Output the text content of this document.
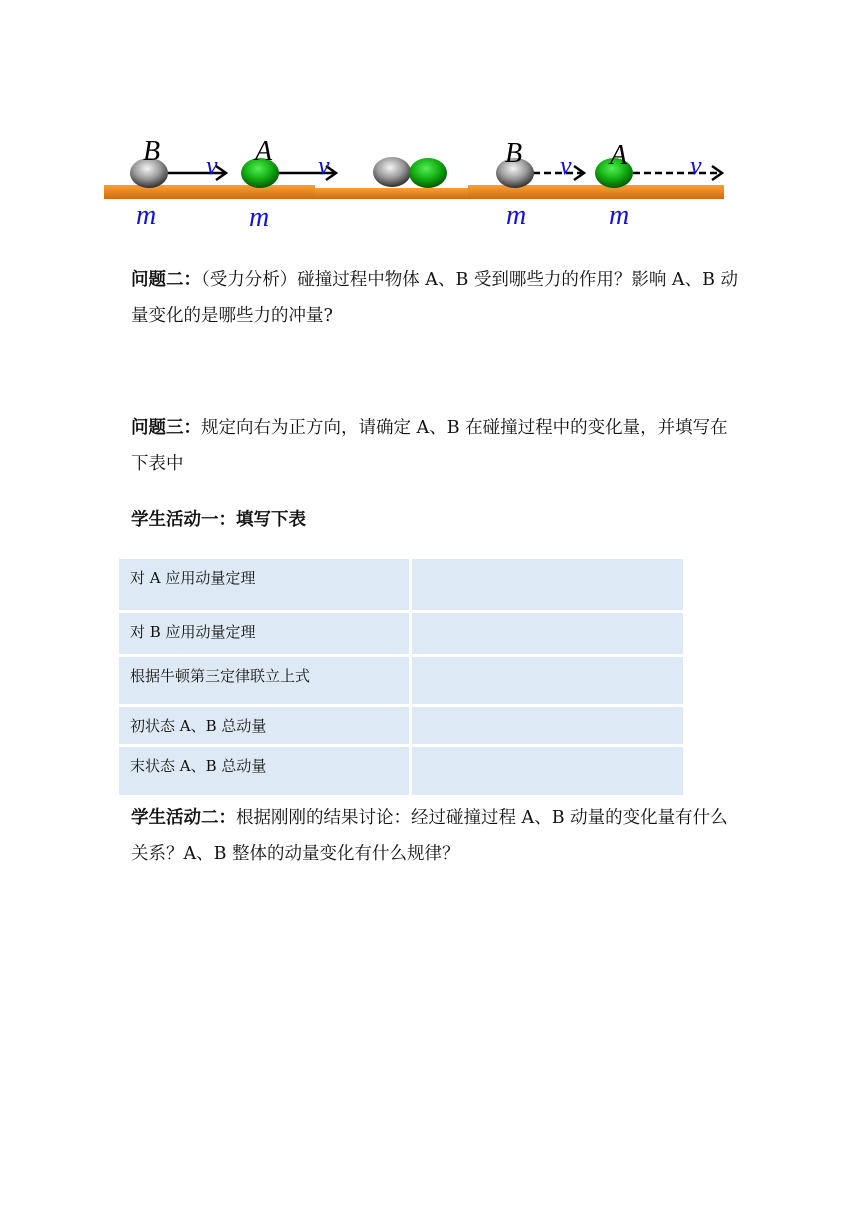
B	A
v	v
m	m
B	A
v	v
m	m

问题二：（受力分析）碰撞过程中物体 A、B 受到哪些力的作用？影响 A、B 动量变化的是哪些力的冲量?

问题三：规定向右为正方向，请确定 A、B 在碰撞过程中的变化量，并填写在下表中

学生活动一：填写下表

对 A 应用动量定理	
对 B 应用动量定理	
根据牛顿第三定律联立上式	
初状态 A、B 总动量	
末状态 A、B 总动量	

学生活动二：根据刚刚的结果讨论：经过碰撞过程 A、B 动量的变化量有什么关系？A、B 整体的动量变化有什么规律？
